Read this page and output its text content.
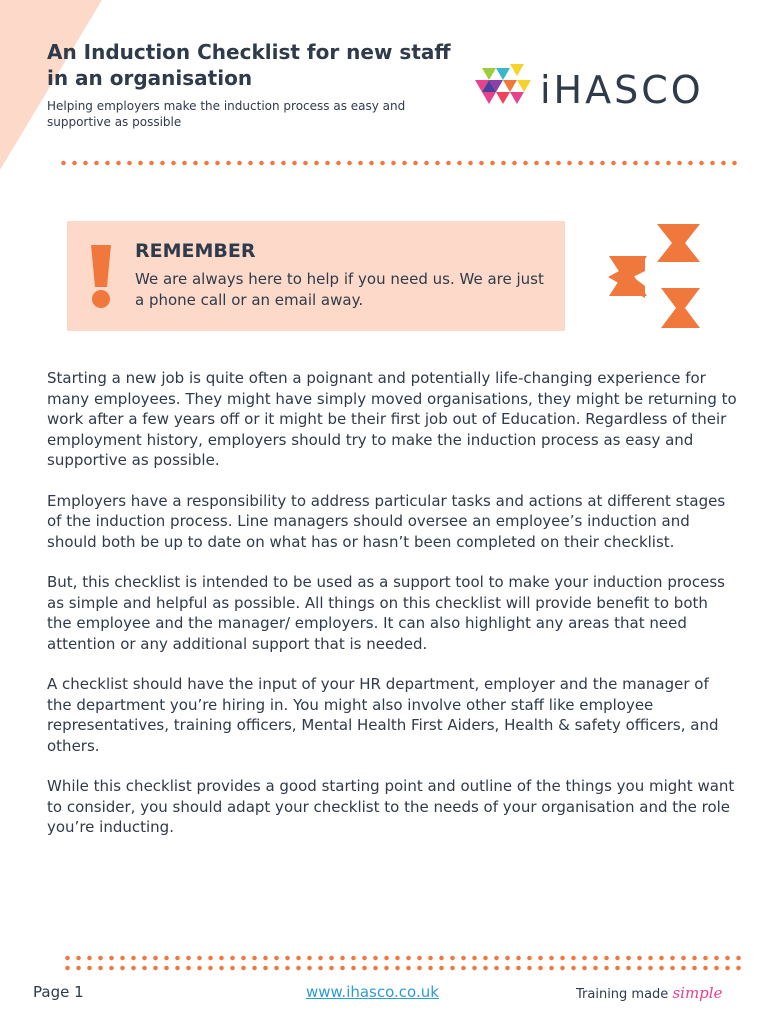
An Induction Checklist for new staff in an organisation
Helping employers make the induction process as easy and supportive as possible
iHASCO
REMEMBER
We are always here to help if you need us. We are just a phone call or an email away.

Starting a new job is quite often a poignant and potentially life-changing experience for many employees. They might have simply moved organisations, they might be returning to work after a few years off or it might be their first job out of Education. Regardless of their employment history, employers should try to make the induction process as easy and supportive as possible.

Employers have a responsibility to address particular tasks and actions at different stages of the induction process. Line managers should oversee an employee’s induction and should both be up to date on what has or hasn’t been completed on their checklist.

But, this checklist is intended to be used as a support tool to make your induction process as simple and helpful as possible. All things on this checklist will provide benefit to both the employee and the manager/ employers. It can also highlight any areas that need attention or any additional support that is needed.

A checklist should have the input of your HR department, employer and the manager of the department you’re hiring in. You might also involve other staff like employee representatives, training officers, Mental Health First Aiders, Health & safety officers, and others.

While this checklist provides a good starting point and outline of the things you might want to consider, you should adapt your checklist to the needs of your organisation and the role you’re inducting.

Page 1	www.ihasco.co.uk	Training made simple
